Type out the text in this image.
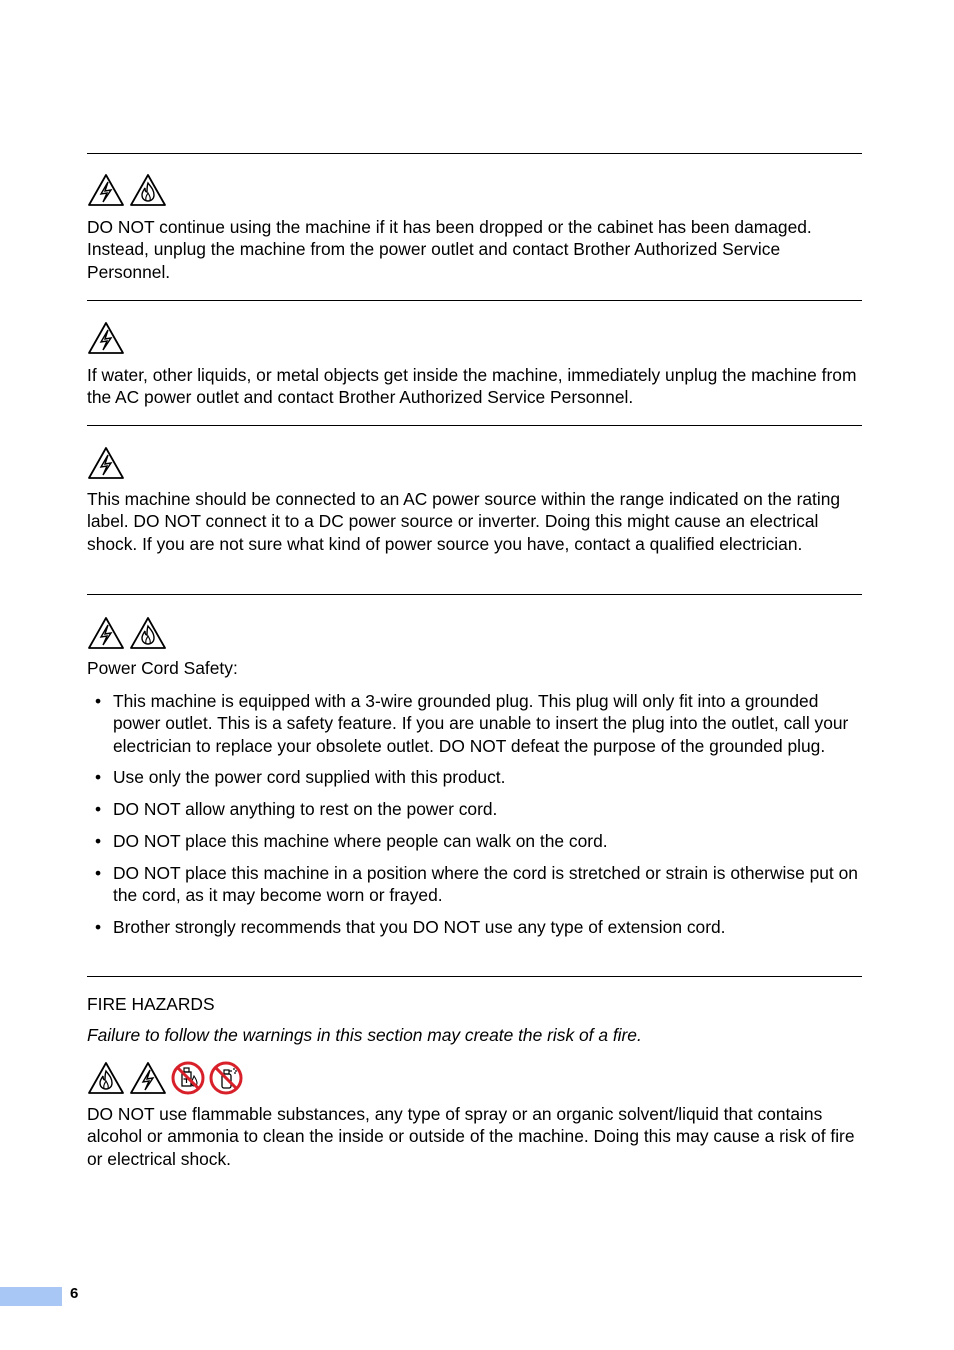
DO NOT continue using the machine if it has been dropped or the cabinet has been damaged. Instead, unplug the machine from the power outlet and contact Brother Authorized Service Personnel.

If water, other liquids, or metal objects get inside the machine, immediately unplug the machine from the AC power outlet and contact Brother Authorized Service Personnel.

This machine should be connected to an AC power source within the range indicated on the rating label. DO NOT connect it to a DC power source or inverter. Doing this might cause an electrical shock. If you are not sure what kind of power source you have, contact a qualified electrician.

Power Cord Safety:

• This machine is equipped with a 3-wire grounded plug. This plug will only fit into a grounded power outlet. This is a safety feature. If you are unable to insert the plug into the outlet, call your electrician to replace your obsolete outlet. DO NOT defeat the purpose of the grounded plug.
• Use only the power cord supplied with this product.
• DO NOT allow anything to rest on the power cord.
• DO NOT place this machine where people can walk on the cord.
• DO NOT place this machine in a position where the cord is stretched or strain is otherwise put on the cord, as it may become worn or frayed.
• Brother strongly recommends that you DO NOT use any type of extension cord.

FIRE HAZARDS

Failure to follow the warnings in this section may create the risk of a fire.

DO NOT use flammable substances, any type of spray or an organic solvent/liquid that contains alcohol or ammonia to clean the inside or outside of the machine. Doing this may cause a risk of fire or electrical shock.

6
